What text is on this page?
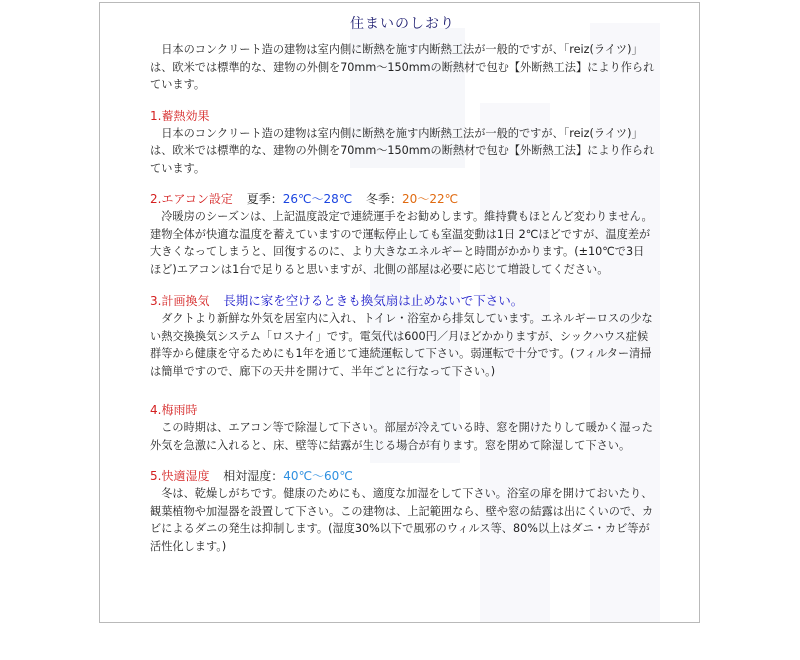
住まいのしおり

日本のコンクリート造の建物は室内側に断熱を施す内断熱工法が一般的ですが、「reiz(ライツ)」は、欧米では標準的な、建物の外側を70mm～150mmの断熱材で包む【外断熱工法】により作られています。

1.蓄熱効果

日本のコンクリート造の建物は室内側に断熱を施す内断熱工法が一般的ですが、「reiz(ライツ)」は、欧米では標準的な、建物の外側を70mm～150mmの断熱材で包む【外断熱工法】により作られています。

2.エアコン設定 夏季：26℃～28℃ 冬季：20～22℃

冷暖房のシーズンは、上記温度設定で連続運手をお勧めします。維持費もほとんど変わりません。建物全体が快適な温度を蓄えていますので運転停止しても室温変動は1日 2℃ほどですが、温度差が大きくなってしまうと、回復するのに、より大きなエネルギーと時間がかかります。(±10℃で3日ほど)エアコンは1台で足りると思いますが、北側の部屋は必要に応じて増設してください。

3.計画換気 長期に家を空けるときも換気扇は止めないで下さい。

ダクトより新鮮な外気を居室内に入れ、トイレ・浴室から排気しています。エネルギーロスの少ない熱交換換気システム「ロスナイ」です。電気代は600円／月ほどかかりますが、シックハウス症候群等から健康を守るためにも1年を通じて連続運転して下さい。弱運転で十分です。(フィルター清掃は簡単ですので、廊下の天井を開けて、半年ごとに行なって下さい。)

4.梅雨時

この時期は、エアコン等で除湿して下さい。部屋が冷えている時、窓を開けたりして暖かく湿った外気を急激に入れると、床、壁等に結露が生じる場合が有ります。窓を閉めて除湿して下さい。

5.快適湿度 相対湿度：40℃～60℃

冬は、乾燥しがちです。健康のためにも、適度な加湿をして下さい。浴室の扉を開けておいたり、観葉植物や加湿器を設置して下さい。この建物は、上記範囲なら、壁や窓の結露は出にくいので、カビによるダニの発生は抑制します。(湿度30%以下で風邪のウィルス等、80%以上はダニ・カビ等が活性化します。)
